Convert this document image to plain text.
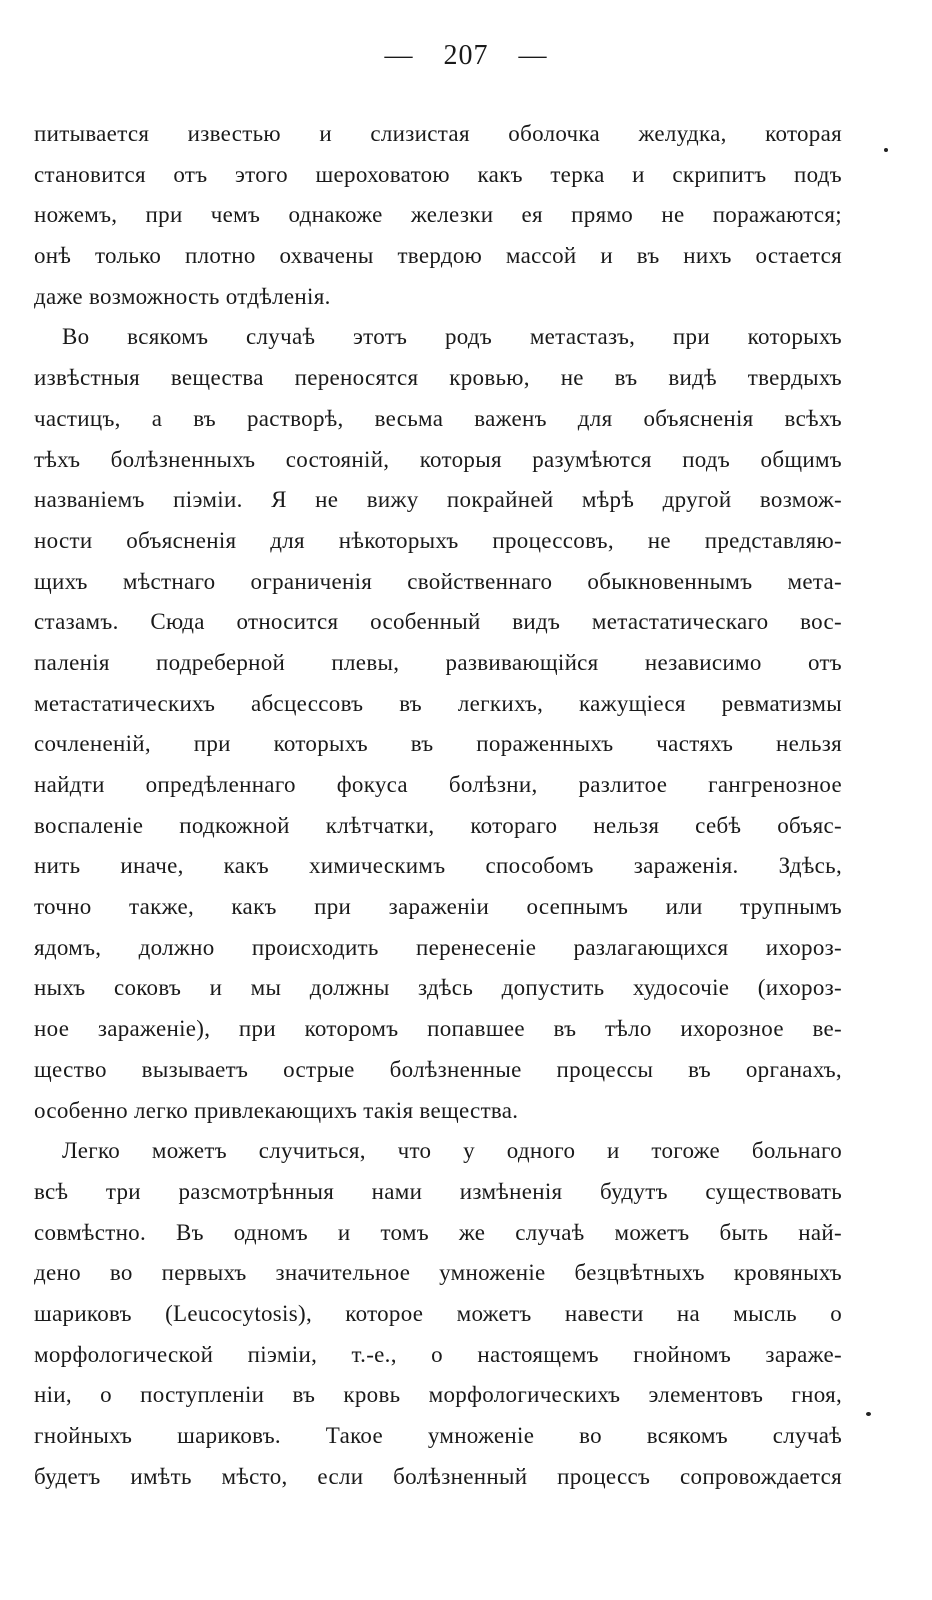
— 207 —
питывается известью и слизистая оболочка желудка, которая
становится отъ этого шероховатою какъ терка и скрипитъ подъ
ножемъ, при чемъ однакоже железки ея прямо не поражаются;
онѣ только плотно охвачены твердою массой и въ нихъ остается
даже возможность отдѣленія.
Во всякомъ случаѣ этотъ родъ метастазъ, при которыхъ
извѣстныя вещества переносятся кровью, не въ видѣ твердыхъ
частицъ, а въ растворѣ, весьма важенъ для объясненія всѣхъ
тѣхъ болѣзненныхъ состояній, которыя разумѣются подъ общимъ
названіемъ піэміи. Я не вижу покрайней мѣрѣ другой возмож-
ности объясненія для нѣкоторыхъ процессовъ, не представляю-
щихъ мѣстнаго ограниченія свойственнаго обыкновеннымъ мета-
стазамъ. Сюда относится особенный видъ метастатическаго вос-
паленія подреберной плевы, развивающійся независимо отъ
метастатическихъ абсцессовъ въ легкихъ, кажущіеся ревматизмы
сочлененій, при которыхъ въ пораженныхъ частяхъ нельзя
найдти опредѣленнаго фокуса болѣзни, разлитое гангренозное
воспаленіе подкожной клѣтчатки, котораго нельзя себѣ объяс-
нить иначе, какъ химическимъ способомъ зараженія. Здѣсь,
точно также, какъ при зараженіи осепнымъ или трупнымъ
ядомъ, должно происходить перенесеніе разлагающихся ихороз-
ныхъ соковъ и мы должны здѣсь допустить худосочіе (ихороз-
ное зараженіе), при которомъ попавшее въ тѣло ихорозное ве-
щество вызываетъ острые болѣзненные процессы въ органахъ,
особенно легко привлекающихъ такія вещества.
Легко можетъ случиться, что у одного и тогоже больнаго
всѣ три разсмотрѣнныя нами измѣненія будутъ существовать
совмѣстно. Въ одномъ и томъ же случаѣ можетъ быть най-
дено во первыхъ значительное умноженіе безцвѣтныхъ кровяныхъ
шариковъ (Leucocytosis), которое можетъ навести на мысль о
морфологической піэміи, т.-е., о настоящемъ гнойномъ зараже-
ніи, о поступленіи въ кровь морфологическихъ элементовъ гноя,
гнойныхъ шариковъ. Такое умноженіе во всякомъ случаѣ
будетъ имѣть мѣсто, если болѣзненный процессъ сопровождается
